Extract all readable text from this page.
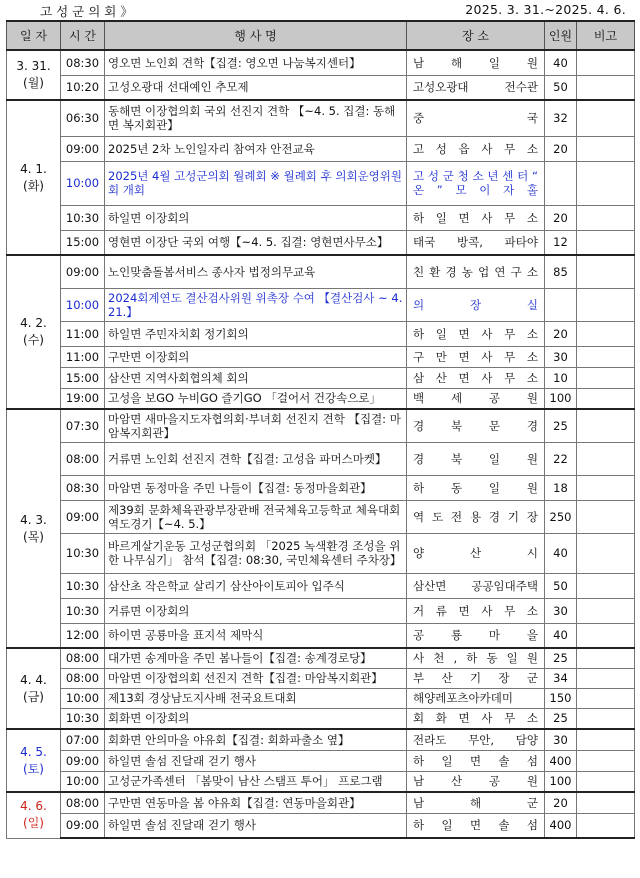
고성군의회》	2025. 3. 31.~2025. 4. 6.
일 자	시 간	행 사 명	장 소	인원	비고

3. 31.
(월)	08:30	영오면 노인회 견학【집결: 영오면 나눔복지센터】	남 해 일 원	40	
	10:20	고성오광대 선대예인 추모제	고성오광대 전수관	50	

4. 1.
(화)	06:30	동해면 이장협의회 국외 선진지 견학 【~4. 5. 집결: 동해면 복지회관】	중 국	32	
	09:00	2025년 2차 노인일자리 참여자 안전교육	고 성 읍 사 무 소	20	
	10:00	2025년 4월 고성군의회 월례회 ※ 월례회 후 의회운영위원회 개회	고 성 군 청 소 년 센 터 “ 온 ” 모 이 자 홀		
	10:30	하일면 이장회의	하 일 면 사 무 소	20	
	15:00	영현면 이장단 국외 여행【~4. 5. 집결: 영현면사무소】	태국 방콕, 파타야	12	

4. 2.
(수)	09:00	노인맞춤돌봄서비스 종사자 법정의무교육	친 환 경 농 업 연 구 소	85	
	10:00	2024회계연도 결산검사위원 위촉장 수여 【결산검사 ~ 4. 21.】	의 장 실		
	11:00	하일면 주민자치회 정기회의	하 일 면 사 무 소	20	
	11:00	구만면 이장회의	구 만 면 사 무 소	30	
	15:00	삼산면 지역사회협의체 회의	삼 산 면 사 무 소	10	
	19:00	고성을 보GO 누비GO 즐기GO 「걸어서 건강속으로」	백 세 공 원	100	

4. 3.
(목)	07:30	마암면 새마을지도자협의회·부녀회 선진지 견학 【집결: 마암복지회관】	경 북 문 경	25	
	08:00	거류면 노인회 선진지 견학【집결: 고성읍 파머스마켓】	경 북 일 원	22	
	08:30	마암면 동정마을 주민 나들이【집결: 동정마을회관】	하 동 일 원	18	
	09:00	제39회 문화체육관광부장관배 전국체육고등학교 체육대회 역도경기【~4. 5.】	역 도 전 용 경 기 장	250	
	10:30	바르게살기운동 고성군협의회 「2025 녹색환경 조성을 위한 나무심기」 참석【집결: 08:30, 국민체육센터 주차장】	양 산 시	40	
	10:30	삼산초 작은학교 살리기 삼산아이토피아 입주식	삼산면 공공임대주택	50	
	10:30	거류면 이장회의	거 류 면 사 무 소	30	
	12:00	하이면 공룡마을 표지석 제막식	공 룡 마 을	40	

4. 4.
(금)	08:00	대가면 송계마을 주민 봄나들이【집결: 송계경로당】	사 천 , 하 동 일 원	25	
	08:00	마암면 이장협의회 선진지 견학【집결: 마암복지회관】	부 산 기 장 군	34	
	10:00	제13회 경상남도지사배 전국요트대회	해양레포츠아카데미	150	
	10:30	회화면 이장회의	회 화 면 사 무 소	25	

4. 5.
(토)	07:00	회화면 안의마을 야유회【집결: 회화파출소 옆】	전라도 무안, 담양	30	
	09:00	하일면 솔섬 진달래 걷기 행사	하 일 면 솔 섬	400	
	10:00	고성군가족센터 「봄맞이 남산 스탬프 투어」 프로그램	남 산 공 원	100	

4. 6.
(일)	08:00	구만면 연동마을 봄 야유회【집결: 연동마을회관】	남 해 군	20	
	09:00	하일면 솔섬 진달래 걷기 행사	하 일 면 솔 섬	400	
